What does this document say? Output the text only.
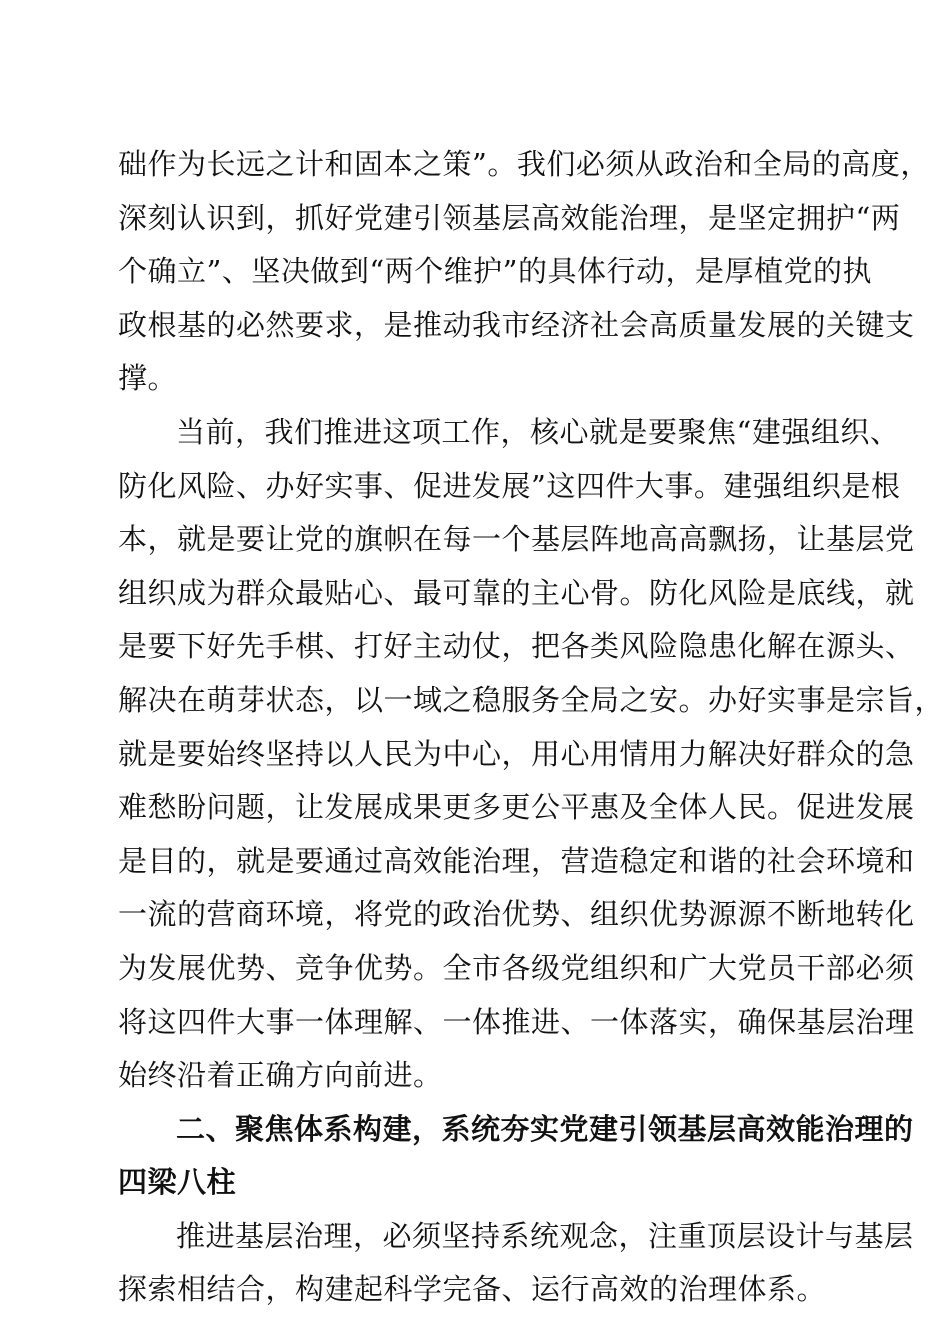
础作为长远之计和固本之策”。我们必须从政治和全局的高度，
深刻认识到，抓好党建引领基层高效能治理，是坚定拥护“两
个确立”、坚决做到“两个维护”的具体行动，是厚植党的执
政根基的必然要求，是推动我市经济社会高质量发展的关键支
撑。
当前，我们推进这项工作，核心就是要聚焦“建强组织、
防化风险、办好实事、促进发展”这四件大事。建强组织是根
本，就是要让党的旗帜在每一个基层阵地高高飘扬，让基层党
组织成为群众最贴心、最可靠的主心骨。防化风险是底线，就
是要下好先手棋、打好主动仗，把各类风险隐患化解在源头、
解决在萌芽状态，以一域之稳服务全局之安。办好实事是宗旨，
就是要始终坚持以人民为中心，用心用情用力解决好群众的急
难愁盼问题，让发展成果更多更公平惠及全体人民。促进发展
是目的，就是要通过高效能治理，营造稳定和谐的社会环境和
一流的营商环境，将党的政治优势、组织优势源源不断地转化
为发展优势、竞争优势。全市各级党组织和广大党员干部必须
将这四件大事一体理解、一体推进、一体落实，确保基层治理
始终沿着正确方向前进。
二、聚焦体系构建，系统夯实党建引领基层高效能治理的
四梁八柱
推进基层治理，必须坚持系统观念，注重顶层设计与基层
探索相结合，构建起科学完备、运行高效的治理体系。
